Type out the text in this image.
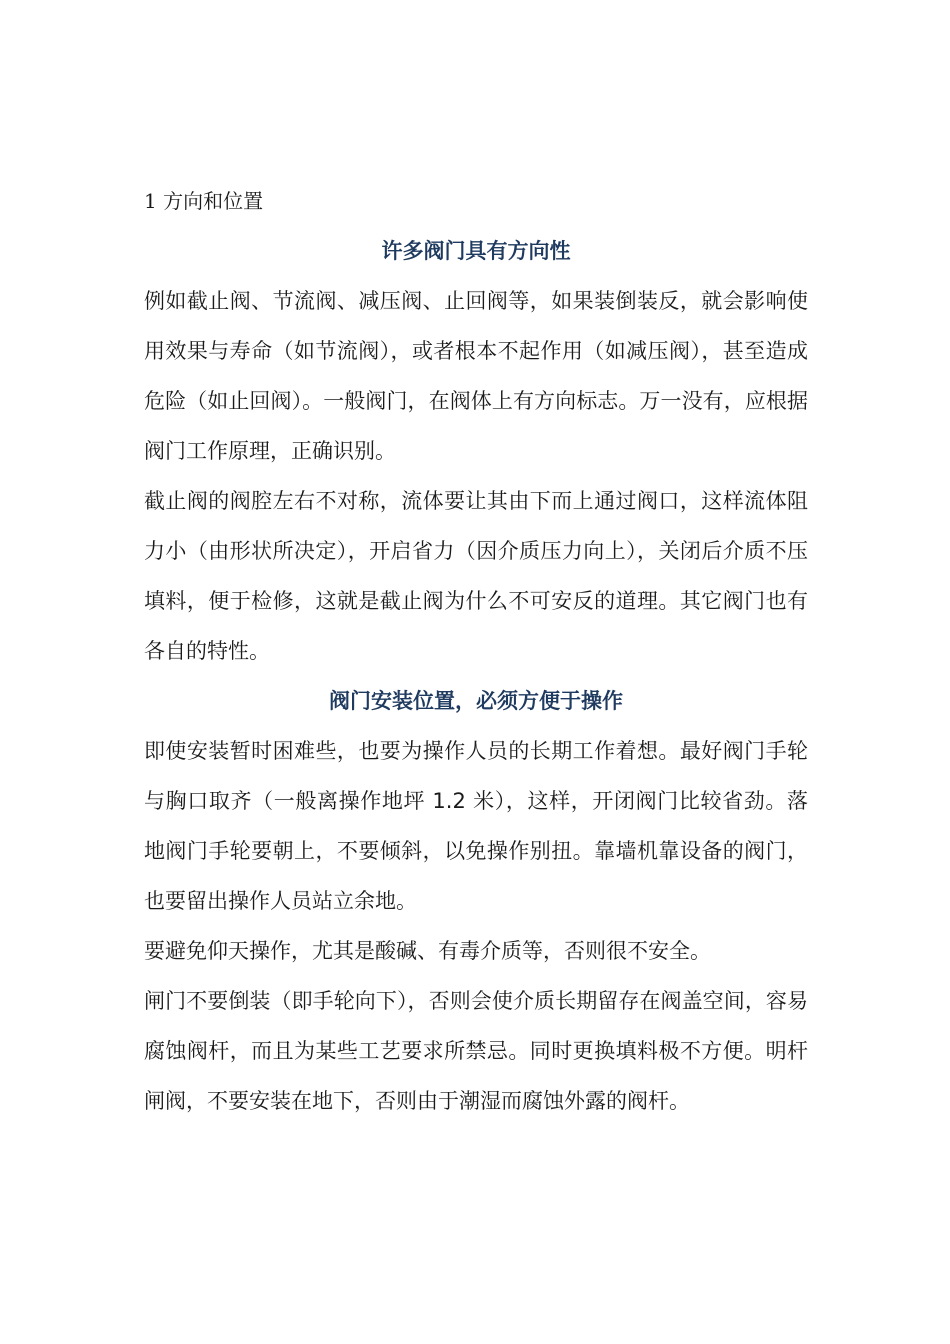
1 方向和位置

许多阀门具有方向性

例如截止阀、节流阀、减压阀、止回阀等，如果装倒装反，就会影响使用效果与寿命（如节流阀），或者根本不起作用（如减压阀），甚至造成危险（如止回阀）。一般阀门，在阀体上有方向标志。万一没有，应根据阀门工作原理，正确识别。

截止阀的阀腔左右不对称，流体要让其由下而上通过阀口，这样流体阻力小（由形状所决定），开启省力（因介质压力向上），关闭后介质不压填料，便于检修，这就是截止阀为什么不可安反的道理。其它阀门也有各自的特性。

阀门安装位置，必须方便于操作

即使安装暂时困难些，也要为操作人员的长期工作着想。最好阀门手轮与胸口取齐（一般离操作地坪 1.2 米），这样，开闭阀门比较省劲。落地阀门手轮要朝上，不要倾斜，以免操作别扭。靠墙机靠设备的阀门，也要留出操作人员站立余地。

要避免仰天操作，尤其是酸碱、有毒介质等，否则很不安全。

闸门不要倒装（即手轮向下），否则会使介质长期留存在阀盖空间，容易腐蚀阀杆，而且为某些工艺要求所禁忌。同时更换填料极不方便。明杆闸阀，不要安装在地下，否则由于潮湿而腐蚀外露的阀杆。
